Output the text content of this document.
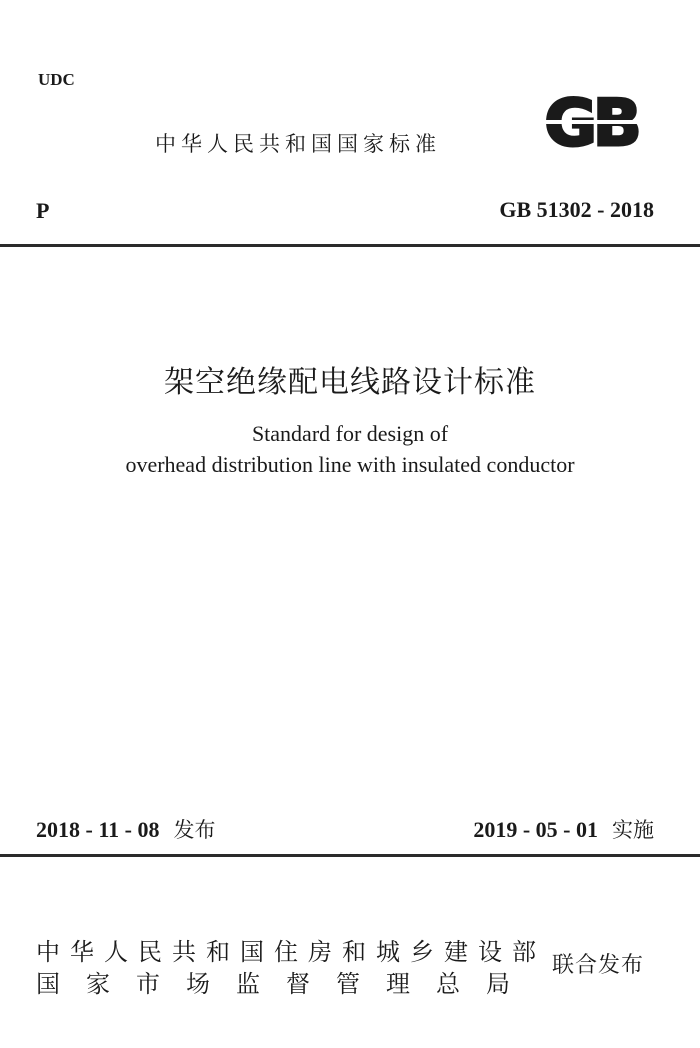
UDC
中华人民共和国国家标准 GB
P	GB 51302 - 2018
架空绝缘配电线路设计标准
Standard for design of
overhead distribution line with insulated conductor
2018 - 11 - 08 发布	2019 - 05 - 01 实施
中华人民共和国住房和城乡建设部
国家市场监督管理总局
联合发布
